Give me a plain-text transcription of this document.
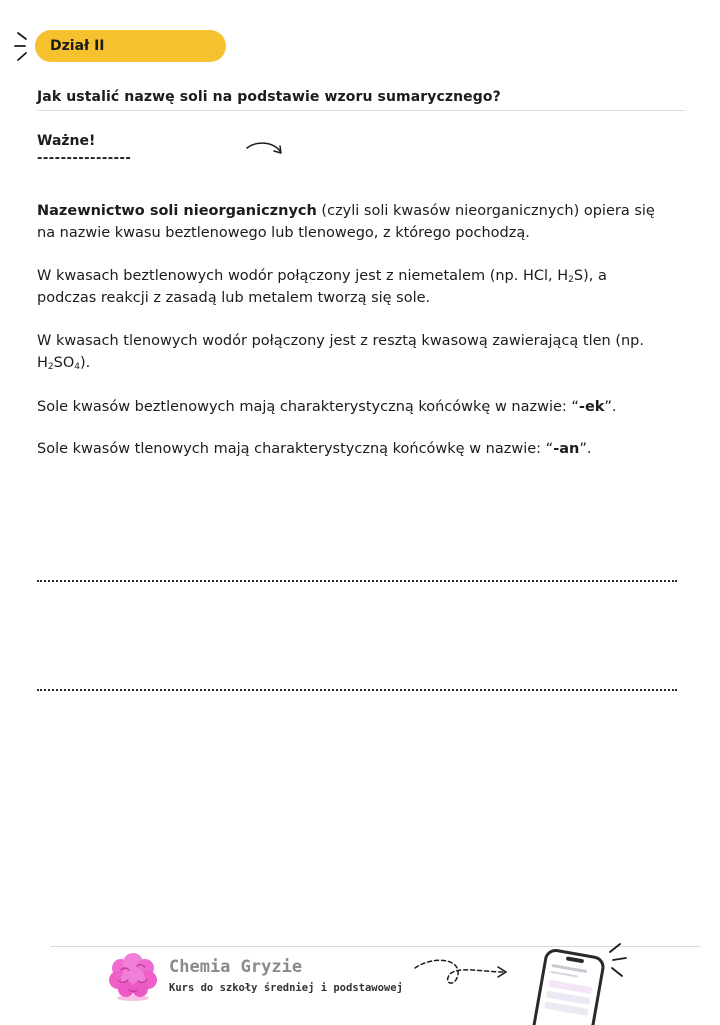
Dział II
Jak ustalić nazwę soli na podstawie wzoru sumarycznego?
Ważne!
----------------

Nazewnictwo soli nieorganicznych (czyli soli kwasów nieorganicznych) opiera się na nazwie kwasu beztlenowego lub tlenowego, z którego pochodzą.

W kwasach beztlenowych wodór połączony jest z niemetalem (np. HCl, $H_2S$), a podczas reakcji z zasadą lub metalem tworzą się sole.

W kwasach tlenowych wodór połączony jest z resztą kwasową zawierającą tlen (np. $H_2SO_4$).

Sole kwasów beztlenowych mają charakterystyczną końcówkę w nazwie: “-ek”.

Sole kwasów tlenowych mają charakterystyczną końcówkę w nazwie: “-an”.

Chemia Gryzie
Kurs do szkoły średniej i podstawowej
